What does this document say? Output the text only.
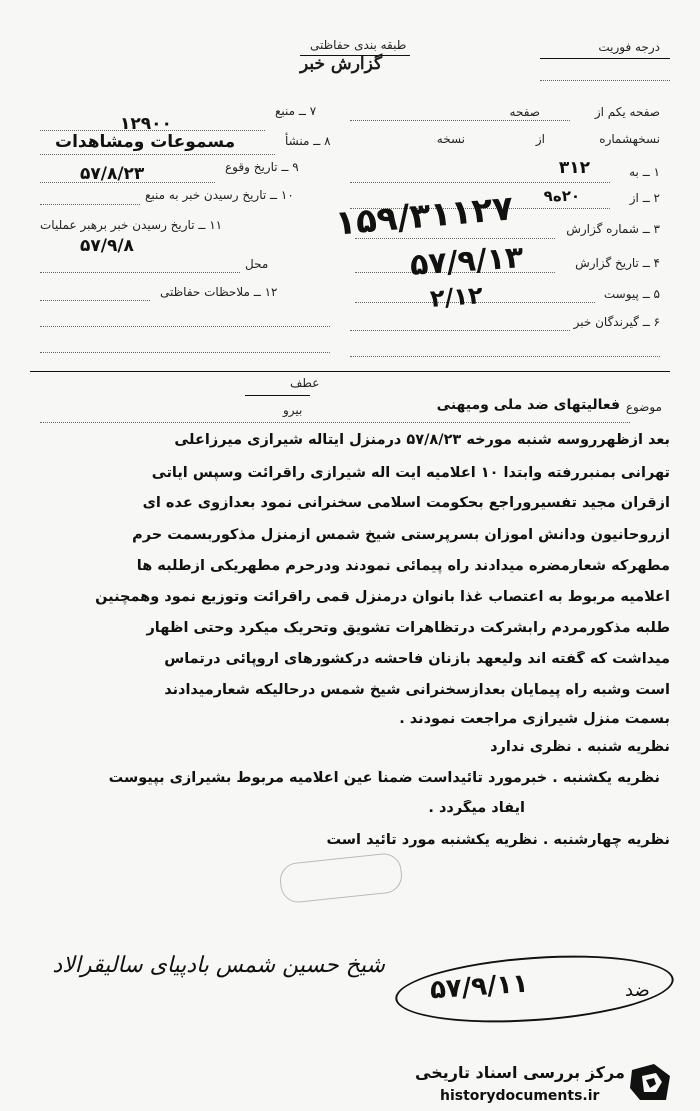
درجه فوریت
طبقه بندی حفاظتی
گزارش خبر
صفحه یکم از
صفحه
نسخهشماره
از
نسخه
۱ ــ به
۳۱۲
۲ ــ از
۲۰ه۹
۳ ــ شماره گزارش
۴ ــ تاریخ گزارش
۵ ــ پیوست
۶ ــ گیرندگان خبر
۷ ــ منبع
۱۲۹۰۰
۸ ــ منشأ
مسموعات ومشاهدات
۹ ــ تاریخ وقوع
۵۷/۸/۲۳
۱۰ ــ تاریخ رسیدن خبر به منبع
۱۱ ــ تاریخ رسیدن خبر برهبر عملیات
۵۷/۹/۸
محل
۱۲ ــ ملاحظات حفاظتی
۱۵۹/۳۱۱۲۷
۵۷/۹/۱۳
۲/۱۲
عطف
بیرو	موضوع
فعالیتهای ضد ملی ومیهنی
بعد ازظهرروسه شنبه مورخه ۵۷/۸/۲۳ درمنزل آیتاله شیرازی میرزاعلی
تهرانی بمنبررفته وابتدا ۱۰ اعلامیه آیت اله شیرازی راقرائت وسپس آیاتی
ازقران مجید تفسیروراجع بحکومت اسلامی سخنرانی نمود بعدازوی عده ای
ازروحانیون ودانش آموزان بسرپرستی شیخ شمس ازمنزل مذکوربسمت حرم
مطهرکه شعارمضره میدادند راه پیمائی نمودند ودرحرم مطهریکی ازطلبه ها
اعلامیه مربوط به اعتصاب غذا بانوان درمنزل قمی راقرائت وتوزیع نمود وهمچنین
طلبه مذکورمردم رابشرکت درتظاهرات تشویق وتحریک میکرد وحتی اظهار
میداشت که گفته اند ولیعهد بازنان فاحشه درکشورهای اروپائی درتماس
است وشبه راه پیمایان بعدازسخنرانی شیخ شمس درحالیکه شعارمیدادند
بسمت منزل شیرازی مراجعت نمودند .
نظریه شنبه . نظری ندارد
نظریه یکشنبه . خبرمورد تائیداست ضمناً عین اعلامیه مربوط بشیرازی بپیوست
ایفاد میگردد .
نظریه چهارشنبه . نظریه یکشنبه مورد تائید است
شیخ حسین شمس بادپیای سالیقرالاد
۵۷/۹/۱۱	ضد
مرکز بررسی اسناد تاریخی
historydocuments.ir
